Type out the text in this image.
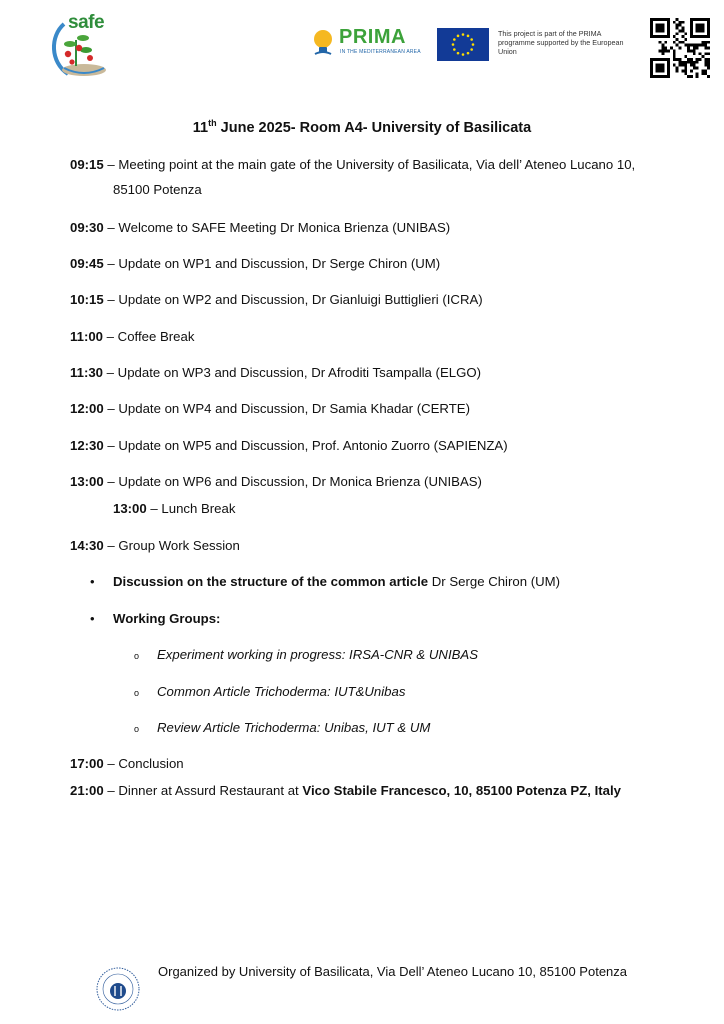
safe
PRIMA
IN THE MEDITERRANEAN AREA
This project is part of the PRIMA programme supported by the European Union
11th June 2025- Room A4- University of Basilicata
09:15 – Meeting point at the main gate of the University of Basilicata, Via dell’ Ateneo Lucano 10,
85100 Potenza
09:30 – Welcome to SAFE Meeting Dr Monica Brienza (UNIBAS)
09:45 – Update on WP1 and Discussion, Dr Serge Chiron (UM)
10:15 – Update on WP2 and Discussion, Dr Gianluigi Buttiglieri (ICRA)
11:00 – Coffee Break
11:30 – Update on WP3 and Discussion, Dr Afroditi Tsampalla (ELGO)
12:00 – Update on WP4 and Discussion, Dr Samia Khadar (CERTE)
12:30 – Update on WP5 and Discussion, Prof. Antonio Zuorro (SAPIENZA)
13:00 – Update on WP6 and Discussion, Dr Monica Brienza (UNIBAS)
13:00 – Lunch Break
14:30 – Group Work Session
• Discussion on the structure of the common article Dr Serge Chiron (UM)
• Working Groups:
o Experiment working in progress: IRSA-CNR & UNIBAS
o Common Article Trichoderma: IUT&Unibas
o Review Article Trichoderma: Unibas, IUT & UM
17:00 – Conclusion
21:00 – Dinner at Assurd Restaurant at Vico Stabile Francesco, 10, 85100 Potenza PZ, Italy
Organized by University of Basilicata, Via Dell’ Ateneo Lucano 10, 85100 Potenza
